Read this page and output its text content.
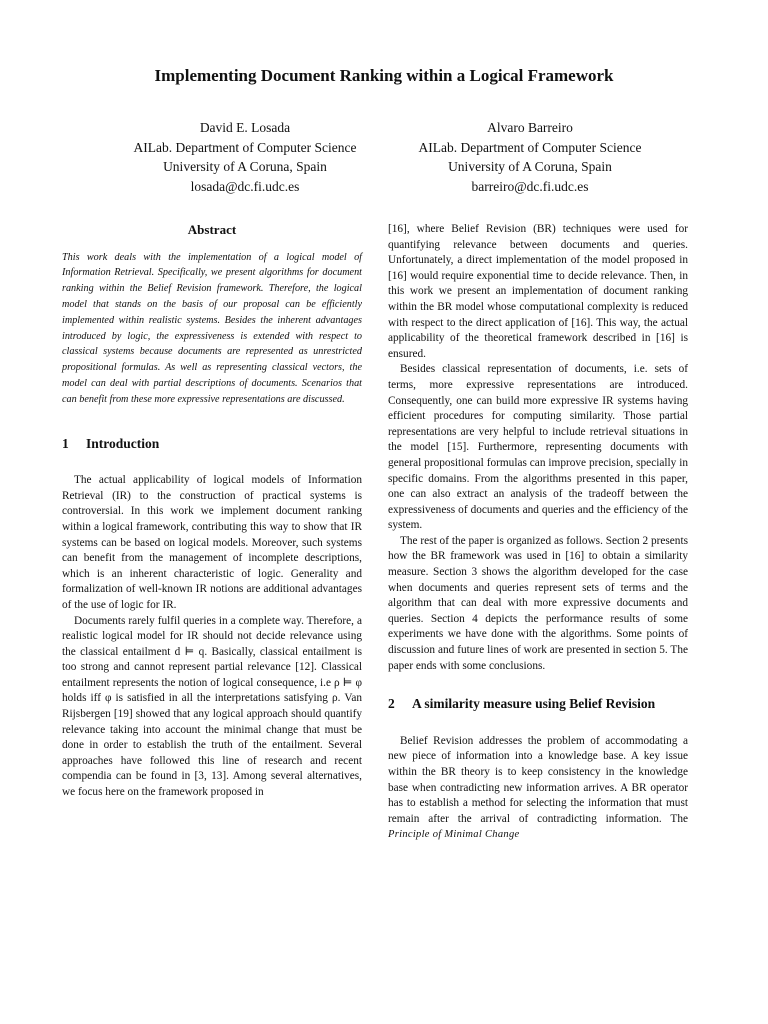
Implementing Document Ranking within a Logical Framework
David E. Losada
AILab. Department of Computer Science
University of A Coruna, Spain
losada@dc.fi.udc.es
Alvaro Barreiro
AILab. Department of Computer Science
University of A Coruna, Spain
barreiro@dc.fi.udc.es
Abstract

This work deals with the implementation of a logical model of Information Retrieval. Specifically, we present algorithms for document ranking within the Belief Revision framework. Therefore, the logical model that stands on the basis of our proposal can be efficiently implemented within realistic systems. Besides the inherent advantages introduced by logic, the expressiveness is extended with respect to classical systems because documents are represented as unrestricted propositional formulas. As well as representing classical vectors, the model can deal with partial descriptions of documents. Scenarios that can benefit from these more expressive representations are discussed.

1 Introduction

The actual applicability of logical models of Information Retrieval (IR) to the construction of practical systems is controversial. In this work we implement document ranking within a logical framework, contributing this way to show that IR systems can be based on logical models. Moreover, such systems can benefit from the management of incomplete descriptions, which is an inherent characteristic of logic. Generality and formalization of well-known IR notions are additional advantages of the use of logic for IR.

Documents rarely fulfil queries in a complete way. Therefore, a realistic logical model for IR should not decide relevance using the classical entailment d ⊨ q. Basically, classical entailment is too strong and cannot represent partial relevance [12]. Classical entailment represents the notion of logical consequence, i.e ρ ⊨ φ holds iff φ is satisfied in all the interpretations satisfying ρ. Van Rijsbergen [19] showed that any logical approach should quantify relevance taking into account the minimal change that must be done in order to establish the truth of the entailment. Several approaches have followed this line of research and recent compendia can be found in [3, 13]. Among several alternatives, we focus here on the framework proposed in

[16], where Belief Revision (BR) techniques were used for quantifying relevance between documents and queries. Unfortunately, a direct implementation of the model proposed in [16] would require exponential time to decide relevance. Then, in this work we present an implementation of document ranking within the BR model whose computational complexity is reduced with respect to the direct application of [16]. This way, the actual applicability of the theoretical framework described in [16] is ensured.

Besides classical representation of documents, i.e. sets of terms, more expressive representations are introduced. Consequently, one can build more expressive IR systems having efficient procedures for computing similarity. Those partial representations are very helpful to include retrieval situations in the model [15]. Furthermore, representing documents with general propositional formulas can improve precision, specially in specific domains. From the algorithms presented in this paper, one can also extract an analysis of the tradeoff between the expressiveness of documents and queries and the efficiency of the system.

The rest of the paper is organized as follows. Section 2 presents how the BR framework was used in [16] to obtain a similarity measure. Section 3 shows the algorithm developed for the case when documents and queries represent sets of terms and the algorithm that can deal with more expressive documents and queries. Section 4 depicts the performance results of some experiments we have done with the algorithms. Some points of discussion and future lines of work are presented in section 5. The paper ends with some conclusions.

2 A similarity measure using Belief Revision

Belief Revision addresses the problem of accommodating a new piece of information into a knowledge base. A key issue within the BR theory is to keep consistency in the knowledge base when contradicting new information arrives. A BR operator has to establish a method for selecting the information that must remain after the arrival of contradicting information. The Principle of Minimal Change
